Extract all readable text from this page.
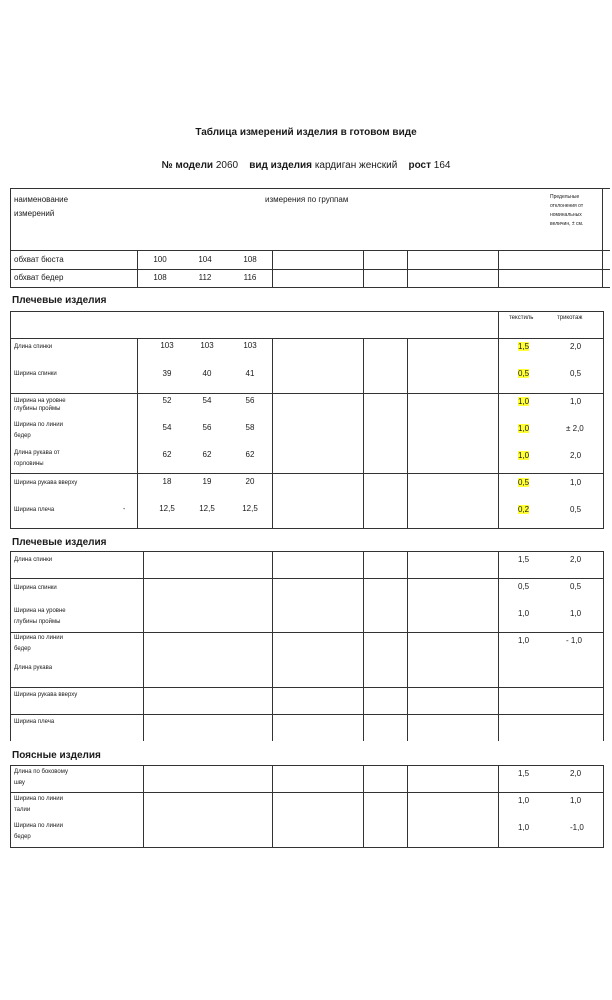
Таблица измерений изделия в готовом виде
№ модели 2060 вид изделия кардиган женский рост 164
наименование
измерений
измерения по группам	Предельные
отклонения от
номинальных
величин, ± см.
обхват бюста	100	104	108
обхват бедер	108	112	116
Плечевые изделия
текстиль	трикотаж
Длина спинки	103	103	103	1,5	2,0
Ширина спинки	39	40	41	0,5	0,5
Ширина на уровне
глубины проймы
52	54	56	1,0	1,0
Ширина по линии
бедер
54	56	58	1,0	± 2,0
Длина рукава от
горловины
62	62	62	1,0	2,0
Ширина рукава вверху	18	19	20	0,5	1,0
Ширина плеча	-	12,5	12,5	12,5	0,2	0,5
Плечевые изделия
Длина спинки	1,5	2,0
Ширина спинки	0,5	0,5
Ширина на уровне
глубины проймы
1,0	1,0
Ширина по линии
бедер
1,0	- 1,0
Длина рукава
Ширина рукава вверху
Ширина плеча
Поясные изделия
Длина по боковому
шву
1,5	2,0
Ширина по линии
талии
1,0	1,0
Ширина по линии
бедер
1,0	-1,0
